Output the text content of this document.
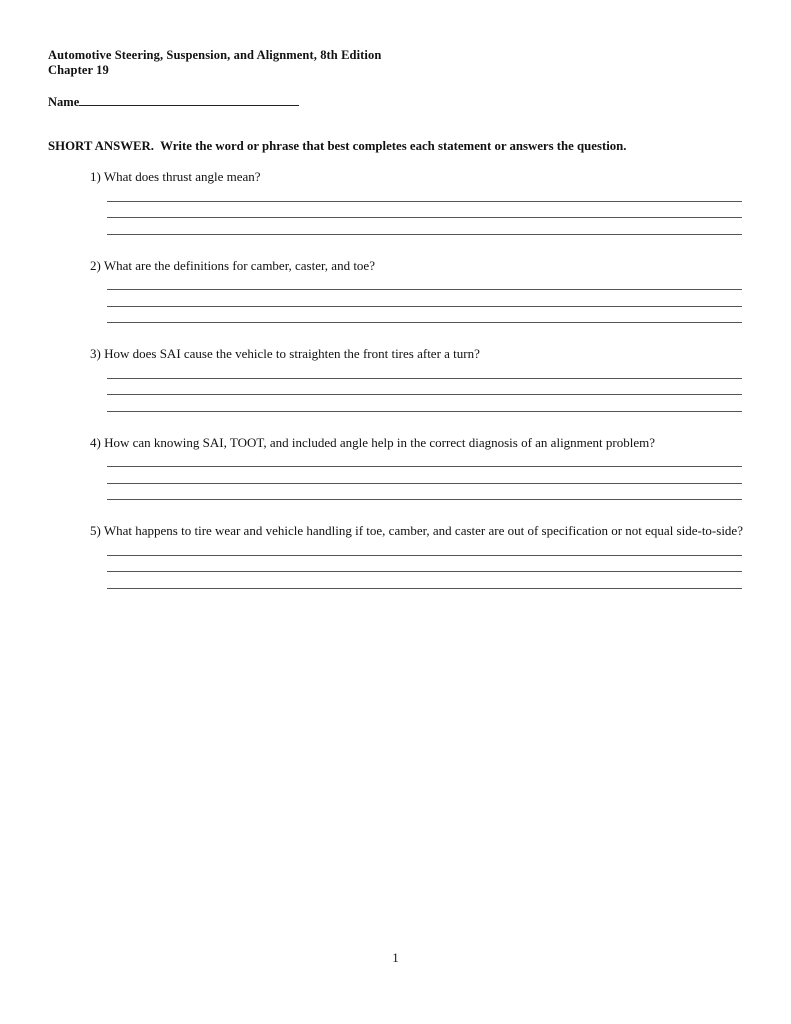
Automotive Steering, Suspension, and Alignment, 8th Edition
Chapter 19
Name
SHORT ANSWER.  Write the word or phrase that best completes each statement or answers the question.

1) What does thrust angle mean?

2) What are the definitions for camber, caster, and toe?

3) How does SAI cause the vehicle to straighten the front tires after a turn?

4) How can knowing SAI, TOOT, and included angle help in the correct diagnosis of an alignment problem?

5) What happens to tire wear and vehicle handling if toe, camber, and caster are out of specification or not equal side-to-side?

1
